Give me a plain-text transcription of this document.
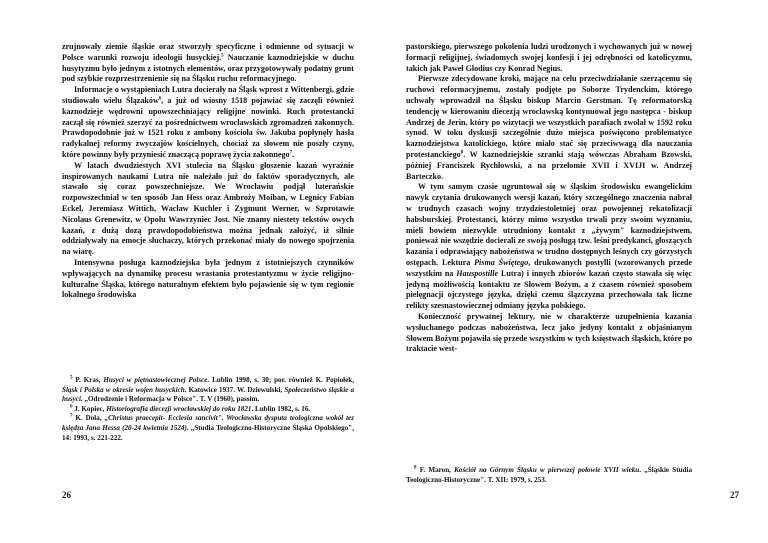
zrujnowały ziemie śląskie oraz stworzyły specyficzne i odmienne od sytuacji w Polsce warunki rozwoju ideologii husyckiej.$^5$ Nauczanie kaznodziejskie w duchu husytyzmu było jednym z istotnych elementów, oraz przygotowywały podatny grunt pod szybkie rozprzestrzenienie się na Śląsku ruchu reformacyjnego.

Informacje o wystąpieniach Lutra docierały na Śląsk wprost z Wittenbergi, gdzie studiowało wielu Ślązaków$^6$, a już od wiosny 1518 pojawiać się zaczęli również kaznodzieje wędrowni upowszechniający religijne nowinki. Ruch protestancki zaczął się również szerzyć za pośrednictwem wrocławskich zgromadzeń zakonnych. Prawdopodobnie już w 1521 roku z ambony kościoła św. Jakuba popłynęły hasła radykalnej reformy zwyczajów kościelnych, chociaż za słowem nie poszły czyny, które powinny były przyniesić znaczącą poprawę życia zakonnego$^7$.

W latach dwudziestych XVI stulecia na Śląsku głoszenie kazań wyraźnie inspirowanych naukami Lutra nie należało już do faktów sporadycznych, ale stawało się coraz powszechniejsze. We Wrocławiu podjął luterańskie rozpowszechniał w ten sposób Jan Hess oraz Ambroży Moiban, w Legnicy Fabian Eckel, Jeremiasz Wittich, Wacław Kuchler i Zygmunt Werner, w Szprotawie Nicolaus Grenewitz, w Opolu Wawrzyniec Jost. Nie znamy niestety tekstów owych kazań, z dużą dozą prawdopodobieństwa można jednak założyć, iż silnie oddziaływały na emocje słuchaczy, których przekonać miały do nowego spojrzenia na wiarę.

Intensywna posługa kaznodziejska była jednym z istotniejszych czynników wpływających na dynamikę procesu wrastania protestantyzmu w życie religijno-kulturalne Śląska, którego naturalnym efektem było pojawienie się w tym regionie lokalnego środowiska

$^5$ P. Kras, Husyci w piętnastowiecznej Polsce. Lublin 1998, s. 30; por. również K. Popiołek, Śląsk i Polska w okresie wojen husyckich. Katowice 1937. W. Dziewulski, Społeczeństwo śląskie a husyci. „Odrodzenie i Reformacja w Polsce". T. V (1960), passim.

$^6$ J. Kopiec, Historiografia diecezji wrocławskiej do roku 1821. Lublin 1982, s. 16.

$^7$ K. Dola, „Christus praecepit- Ecclesia sancivit". Wrocławska dysputa teologiczna wokół tez księdza Jana Hessa (20-24 kwietnia 1524). „Studia Teologiczno-Historyczne Śląska Opolskiego", 14: 1993, s. 221-222.

26

pastorskiego, pierwszego pokolenia ludzi urodzonych i wychowanych już w nowej formacji religijnej, świadomych swojej konfesji i jej odrębności od katolicyzmu, takich jak Paweł Glodius czy Konrad Negius.

Pierwsze zdecydowane kroki, mające na celu przeciwdziałanie szerzącemu się ruchowi reformacyjnemu, zostały podjęte po Soborze Trydenckim, którego uchwały wprowadził na Śląsku biskup Marcin Gerstman. Tę reformatorską tendencję w kierowaniu diecezją wrocławską kontynuował jego następca - biskup Andrzej de Jerin, który po wizytacji we wszystkich parafiach zwołał w 1592 roku synod. W toku dyskusji szczególnie dużo miejsca poświęcono problematyce kaznodziejstwa katolickiego, które miało stać się przeciwwagą dla nauczania protestanckiego$^8$. W kaznodziejskie szranki stają wówczas Abraham Bzowski, później Franciszek Rychłowski, a na przełomie XVII i XVIJI w. Andrzej Barteczko.

W tym samym czasie ugruntował się w śląskim środowisku ewangelickim nawyk czytania drukowanych wersji kazań, który szczególnego znaczenia nabrał w trudnych czasach wojny trzydziestoletniej oraz powojennej rekatolizacji habsburskiej. Protestanci, którzy mimo wszystko trwali przy swoim wyznaniu, mieli bowiem niezwykle utrudniony kontakt z „żywym" kaznodziejstwem, ponieważ nie wszędzie docierali ze swoją posługą tzw. leśni predykanci, głoszących kazania i odprawiający nabożeństwa w trudno dostępnych leśnych czy górzystych ostępach. Lektura Pisma Świętego, drukowanych postylli (wzorowanych przede wszystkim na Hauspostille Lutra) i innych zbiorów kazań często stawała się więc jedyną możliwością kontaktu ze Słowem Bożym, a z czasem również sposobem pielęgnacji ojczystego języka, dzięki czemu ślązczyzna przechowała tak liczne relikty szesnastowiecznej odmiany języka polskiego.

Konieczność prywatnej lektury, nie w charakterze uzupełnienia kazania wysłuchanego podczas nabożeństwa, lecz jako jedyny kontakt z objaśnianym Słowem Bożym pojawiła się przede wszystkim w tych księstwach śląskich, które po traktacie west-

$^8$ F. Maron, Kościół na Górnym Śląsku w pierwszej połowie XVII wieku. „Śląskie Studia Teologiczno-Historyczne". T. XII: 1979, s. 253.

27
